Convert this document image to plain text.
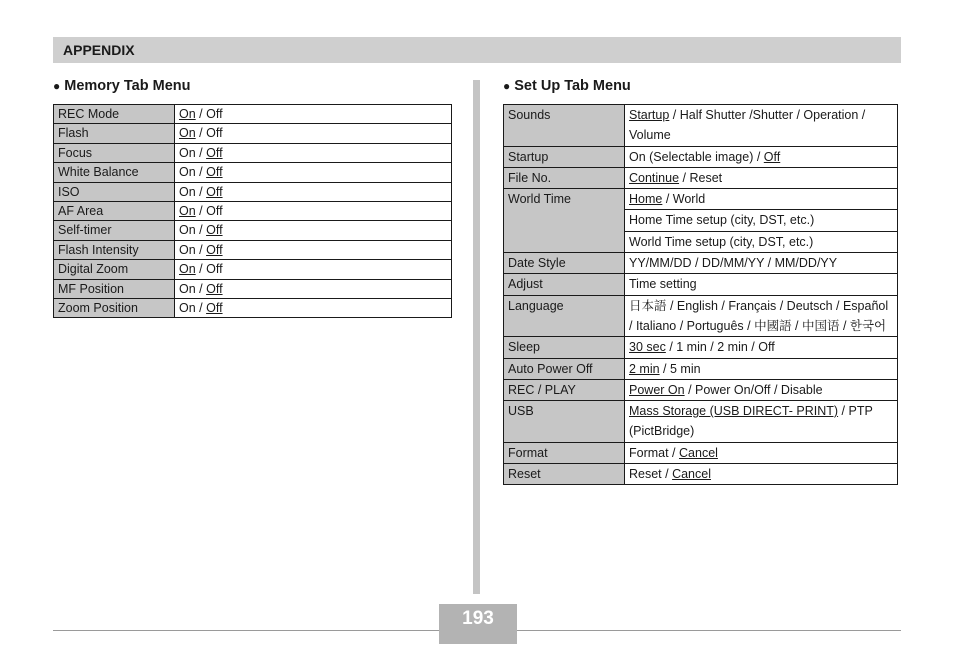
APPENDIX
● Memory Tab Menu
REC Mode	On / Off
Flash	On / Off
Focus	On / Off
White Balance	On / Off
ISO	On / Off
AF Area	On / Off
Self-timer	On / Off
Flash Intensity	On / Off
Digital Zoom	On / Off
MF Position	On / Off
Zoom Position	On / Off
● Set Up Tab Menu
Sounds	Startup / Half Shutter /Shutter / Operation / Volume
Startup	On (Selectable image) / Off
File No.	Continue / Reset
World Time	Home / World
	Home Time setup (city, DST, etc.)
	World Time setup (city, DST, etc.)
Date Style	YY/MM/DD / DD/MM/YY / MM/DD/YY
Adjust	Time setting
Language	日本語 / English / Français / Deutsch / Español / Italiano / Português / 中國語 / 中国语 / 한국어
Sleep	30 sec / 1 min / 2 min / Off
Auto Power Off	2 min / 5 min
REC / PLAY	Power On / Power On/Off / Disable
USB	Mass Storage (USB DIRECT- PRINT) / PTP (PictBridge)
Format	Format / Cancel
Reset	Reset / Cancel
193
